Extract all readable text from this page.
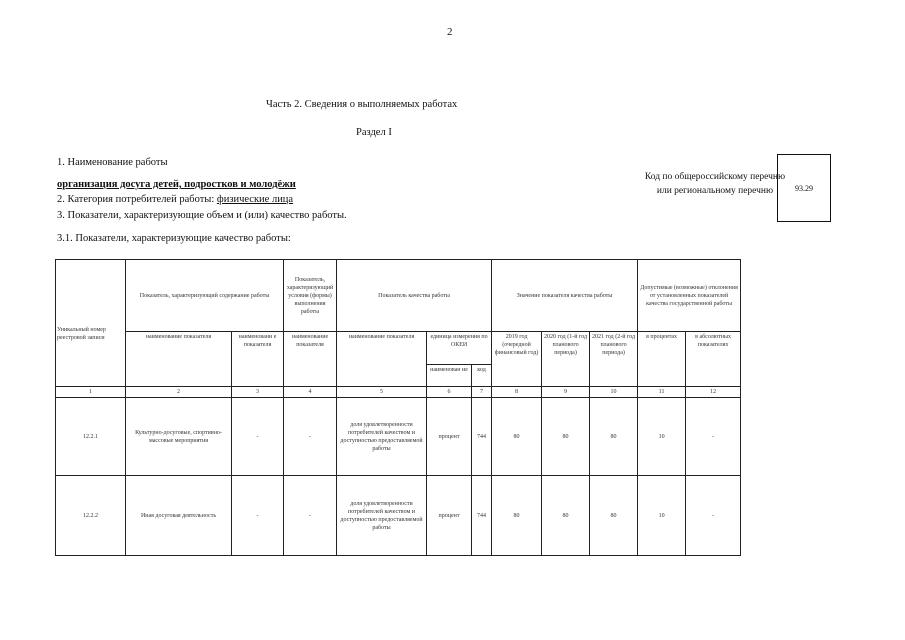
2
Часть 2. Сведения о выполняемых работах
Раздел I
1. Наименование работы
организация досуга детей, подростков и молодёжи
2. Категория потребителей работы: физические лица
3. Показатели, характеризующие объем и (или) качество работы.
3.1. Показатели, характеризующие качество работы:
Код по общероссийскому перечню или региональному перечню	93.29
Уникальный номер реестровой записи	Показатель, характеризующий содержание работы		Показатель, характеризующий условия (формы) выполнения работы	Показатель качества работы			Значение показателя качества работы			Допустимые (возможные) отклонения от установленных показателей качества государственной работы	
	наименование показателя	наименовани е показателя	наименование показателя	наименование показателя	единица измерения по ОКЕИ		2019 год (очередной финансовый год)	2020 год (1-й год планового периода)	2021 год (2-й год планового периода)	в процентах	в абсолютных показателях
					наименован ие	код					
1	2	3	4	5	6	7	8	9	10	11	12
12.2.1	Культурно-досуговые, спортивно-массовые мероприятия	-	-	доля удовлетворенности потребителей качеством и доступностью предоставляемой работы	процент	744	80	80	80	10	-
12.2.2	Иная досуговая деятельность	-	-	доля удовлетворенности потребителей качеством и доступностью предоставляемой работы	процент	744	80	80	80	10	-
